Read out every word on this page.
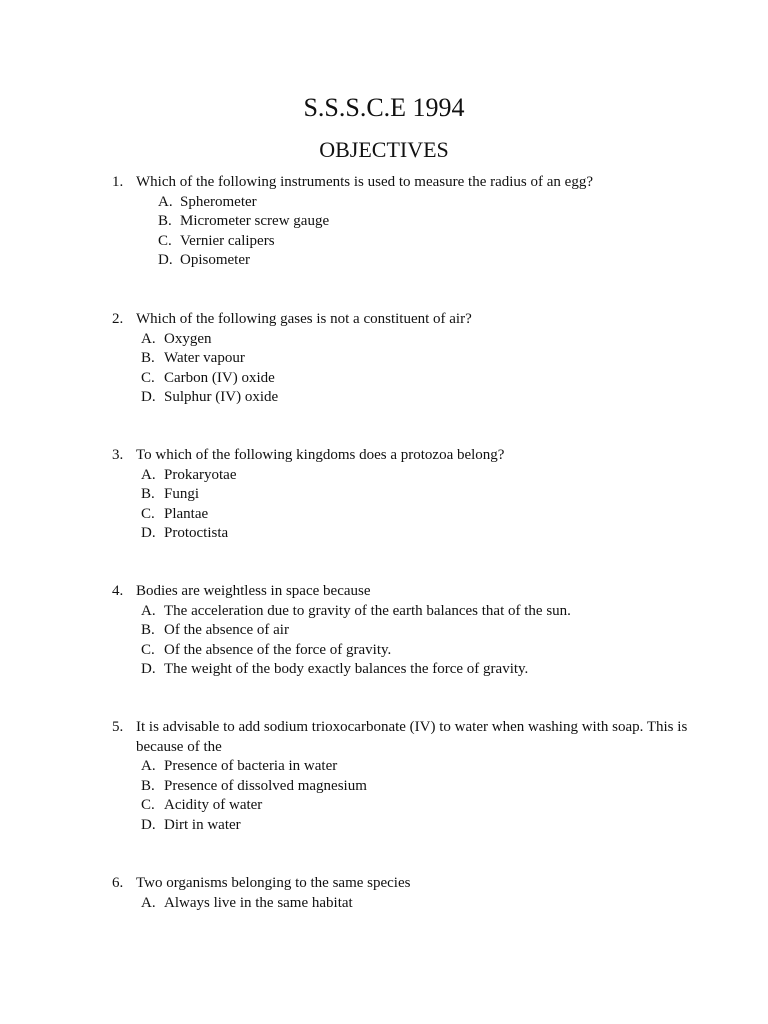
S.S.S.C.E 1994
OBJECTIVES
1. Which of the following instruments is used to measure the radius of an egg?
A. Spherometer
B. Micrometer screw gauge
C. Vernier calipers
D. Opisometer
2. Which of the following gases is not a constituent of air?
A. Oxygen
B. Water vapour
C. Carbon (IV) oxide
D. Sulphur (IV) oxide
3. To which of the following kingdoms does a protozoa belong?
A. Prokaryotae
B. Fungi
C. Plantae
D. Protoctista
4. Bodies are weightless in space because
A. The acceleration due to gravity of the earth balances that of the sun.
B. Of the absence of air
C. Of the absence of the force of gravity.
D. The weight of the body exactly balances the force of gravity.
5. It is advisable to add sodium trioxocarbonate (IV) to water when washing with soap. This is because of the
A. Presence of bacteria in water
B. Presence of dissolved magnesium
C. Acidity of water
D. Dirt in water
6. Two organisms belonging to the same species
A. Always live in the same habitat
